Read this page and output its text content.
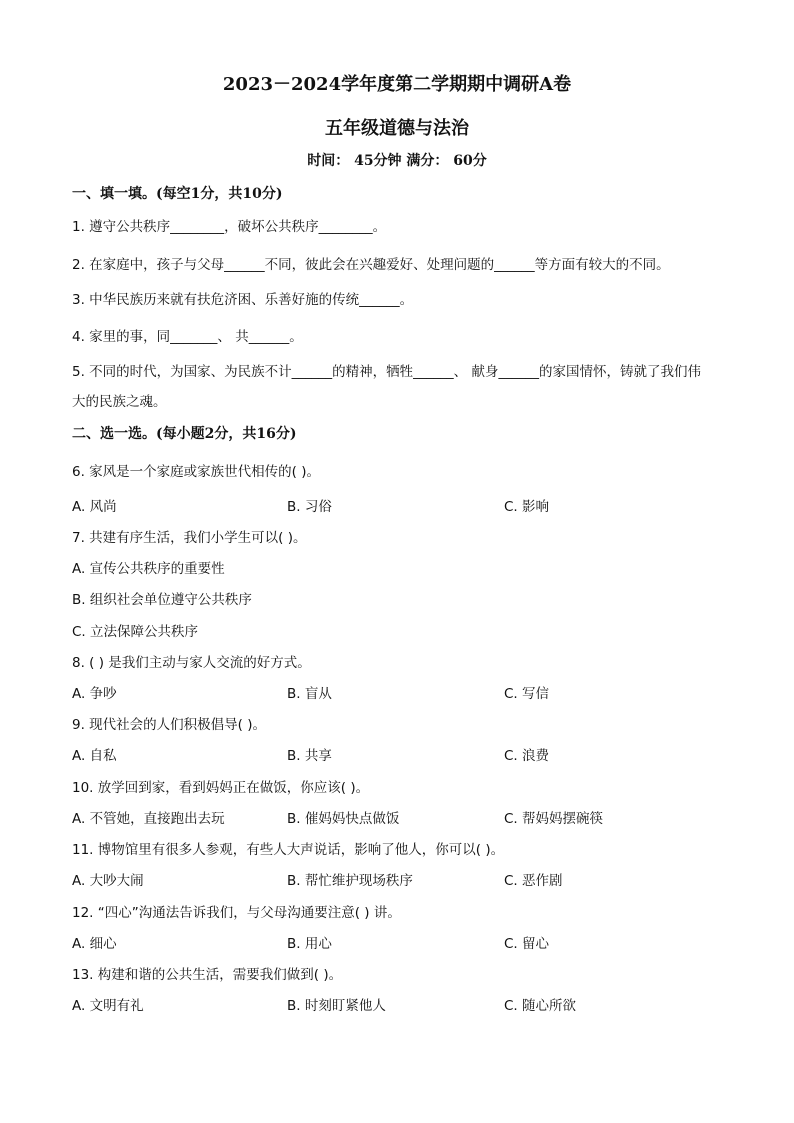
2023－2024学年度第二学期期中调研A卷
五年级道德与法治
时间： 45分钟 满分： 60分
一、填一填。(每空1分，共10分)
1. 遵守公共秩序________，破坏公共秩序________。
2. 在家庭中，孩子与父母______不同，彼此会在兴趣爱好、处理问题的______等方面有较大的不同。
3. 中华民族历来就有扶危济困、乐善好施的传统______。
4. 家里的事，同_______、 共______。
5. 不同的时代，为国家、为民族不计______的精神，牺牲______、 献身______的家国情怀，铸就了我们伟
大的民族之魂。
二、选一选。(每小题2分，共16分)
6. 家风是一个家庭或家族世代相传的( )。
A. 风尚	B. 习俗	C. 影响
7. 共建有序生活，我们小学生可以( )。
A. 宣传公共秩序的重要性
B. 组织社会单位遵守公共秩序
C. 立法保障公共秩序
8. ( ) 是我们主动与家人交流的好方式。
A. 争吵	B. 盲从	C. 写信
9. 现代社会的人们积极倡导( )。
A. 自私	B. 共享	C. 浪费
10. 放学回到家，看到妈妈正在做饭，你应该( )。
A. 不管她，直接跑出去玩	B. 催妈妈快点做饭	C. 帮妈妈摆碗筷
11. 博物馆里有很多人参观，有些人大声说话，影响了他人，你可以( )。
A. 大吵大闹	B. 帮忙维护现场秩序	C. 恶作剧
12. “四心”沟通法告诉我们，与父母沟通要注意( ) 讲。
A. 细心	B. 用心	C. 留心
13. 构建和谐的公共生活，需要我们做到( )。
A. 文明有礼	B. 时刻盯紧他人	C. 随心所欲
